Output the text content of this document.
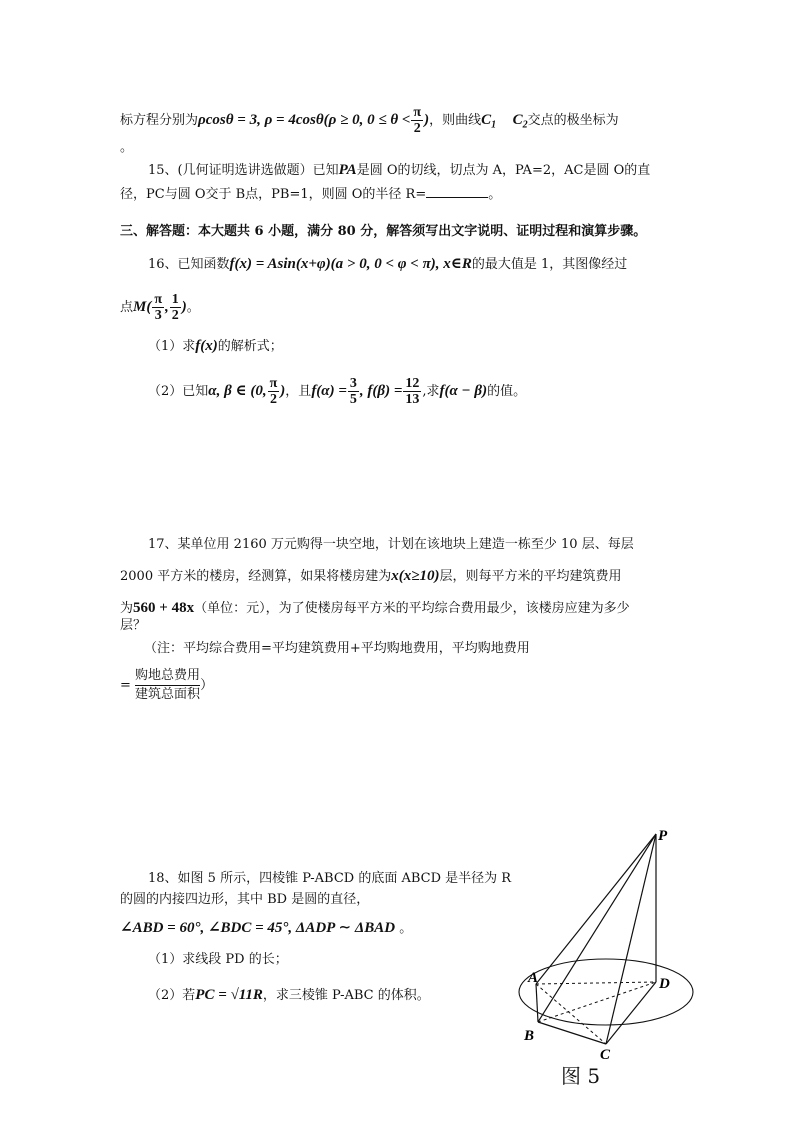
标方程分别为ρcosθ = 3, ρ = 4cosθ(ρ ≥ 0, $0 \le \theta < \frac{\pi}{2}$ )，则曲线$C_1$ $C_2$交点的极坐标为
。
15、(几何证明选讲选做题）已知PA是圆 O的切线，切点为 A，PA=2，AC是圆 O的直
径，PC与圆 O交于 B点，PB=1，则圆 O的半径 R=	。
三、解答题：本大题共 6 小题，满分 80 分，解答须写出文字说明、证明过程和演算步骤。
16、已知函数f(x) = Asin(x+φ)(a > 0, 0 < φ < π), x∈R的最大值是 1，其图像经过
点$M( \frac{\pi}{3}$ , $\frac{1}{2}$ )。
（1）求f(x)的解析式；
（2）已知α, β ∈ (0, $\frac{\pi}{2}$ )，且$f(\alpha) = \frac{3}{5}$ , $f(\beta) = \frac{12}{13}$ ,求f(α − β)的值。
17、某单位用 2160 万元购得一块空地，计划在该地块上建造一栋至少 10 层、每层
2000 平方米的楼房，经测算，如果将楼房建为x(x≥10)层，则每平方米的平均建筑费用
为560 + 48x（单位：元），为了使楼房每平方米的平均综合费用最少，该楼房应建为多少
层？
（注：平均综合费用=平均建筑费用+平均购地费用，平均购地费用
=
购地总费用
建筑总面积
）
18、如图 5 所示，四棱锥 P-ABCD 的底面 ABCD 是半径为 R
的圆的内接四边形，其中 BD 是圆的直径，
∠ABD = 60°, ∠BDC = 45°, ΔADP ∼ ΔBAD 。
（1）求线段 PD 的长；
（2）若PC = √11R，求三棱锥 P-ABC 的体积。
P
A
B
C
D
图 5
